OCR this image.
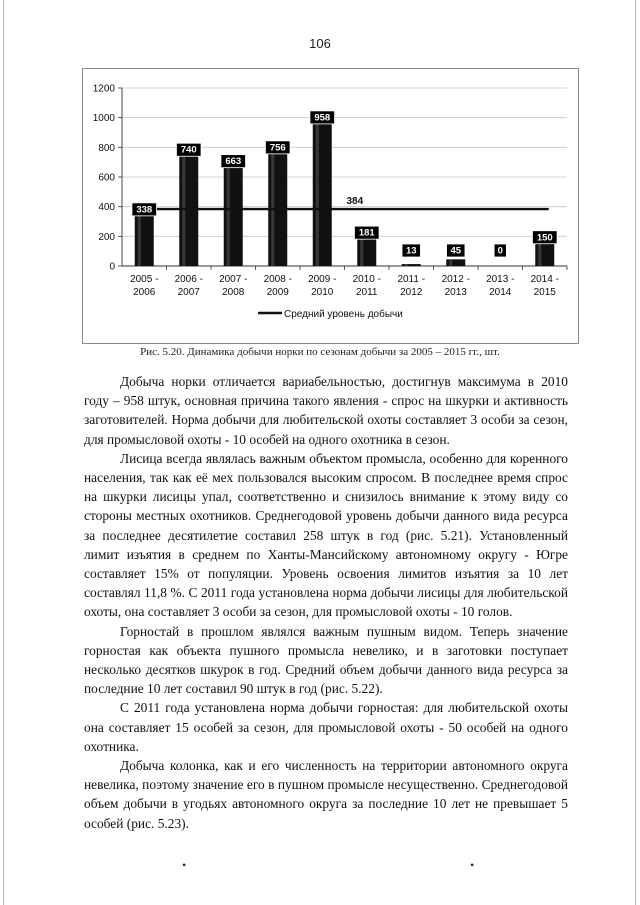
106
384
338
740
663
756
958
181
13	45	0
150
0
200
400
600
800
1000
1200
2005 -
2006
2006 -
2007
2007 -
2008
2008 -
2009
2009 -
2010
2010 -
2011
2011 -
2012
2012 -
2013
2013 -
2014
2014 -
2015
Средний уровень добычи
Рис. 5.20. Динамика добычи норки по сезонам добычи за 2005 – 2015 гг., шт.

Добыча норки отличается вариабельностью, достигнув максимума в 2010 году – 958 штук, основная причина такого явления - спрос на шкурки и активность заготовителей. Норма добычи для любительской охоты составляет 3 особи за сезон, для промысловой охоты - 10 особей на одного охотника в сезон.

Лисица всегда являлась важным объектом промысла, особенно для коренного населения, так как её мех пользовался высоким спросом. В последнее время спрос на шкурки лисицы упал, соответственно и снизилось внимание к этому виду со стороны местных охотников. Среднегодовой уровень добычи данного вида ресурса за последнее десятилетие составил 258 штук в год (рис. 5.21). Установленный лимит изъятия в среднем по Ханты-Мансийскому автономному округу - Югре составляет 15% от популяции. Уровень освоения лимитов изъятия за 10 лет составлял 11,8 %. С 2011 года установлена норма добычи лисицы для любительской охоты, она составляет 3 особи за сезон, для промысловой охоты - 10 голов.

Горностай в прошлом являлся важным пушным видом. Теперь значение горностая как объекта пушного промысла невелико, и в заготовки поступает несколько десятков шкурок в год. Средний объем добычи данного вида ресурса за последние 10 лет составил 90 штук в год (рис. 5.22).

С 2011 года установлена норма добычи горностая: для любительской охоты она составляет 15 особей за сезон, для промысловой охоты - 50 особей на одного охотника.

Добыча колонка, как и его численность на территории автономного округа невелика, поэтому значение его в пушном промысле несущественно. Среднегодовой объем добычи в угодьях автономного округа за последние 10 лет не превышает 5 особей (рис. 5.23).

•	•
